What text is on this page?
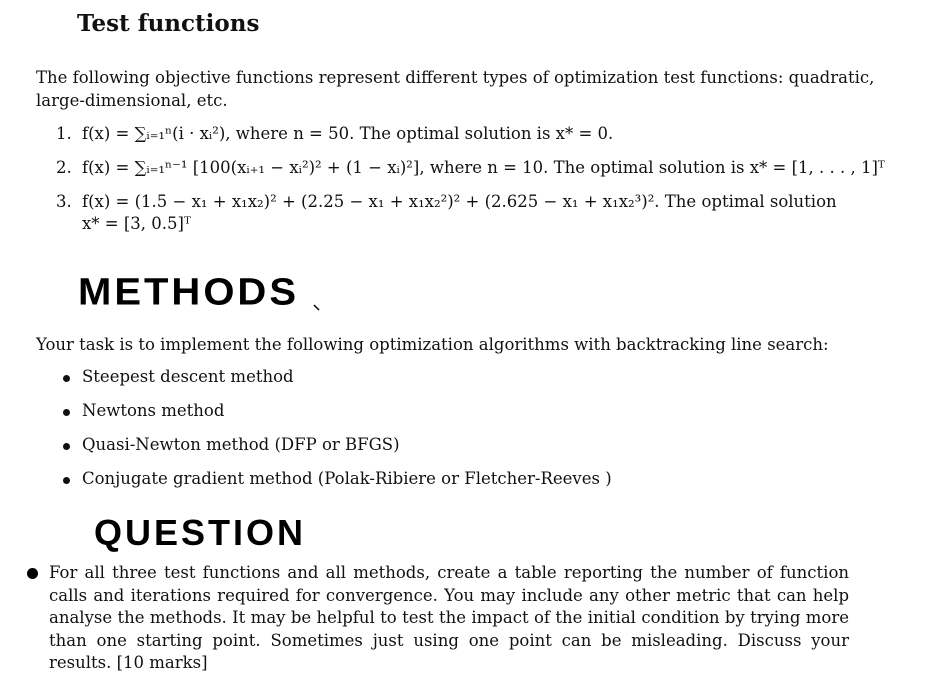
Test functions
The following objective functions represent different types of optimization test functions: quadratic,
large-dimensional, etc.
1. f(x) = ∑ᵢ₌₁ⁿ(i · xᵢ²), where n = 50. The optimal solution is x* = 0.
2. f(x) = ∑ᵢ₌₁ⁿ⁻¹ [100(xᵢ₊₁ − xᵢ²)² + (1 − xᵢ)²], where n = 10. The optimal solution is x* = [1, . . . , 1]ᵀ
3. f(x) = (1.5 − x₁ + x₁x₂)² + (2.25 − x₁ + x₁x₂²)² + (2.625 − x₁ + x₁x₂³)². The optimal solution
x* = [3, 0.5]ᵀ
METHODS
Your task is to implement the following optimization algorithms with backtracking line search:
Steepest descent method
Newtons method
Quasi-Newton method (DFP or BFGS)
Conjugate gradient method (Polak-Ribiere or Fletcher-Reeves )
QUESTION
For all three test functions and all methods, create a table reporting the number of function calls and iterations required for convergence. You may include any other metric that can help analyse the methods. It may be helpful to test the impact of the initial condition by trying more than one starting point. Sometimes just using one point can be misleading. Discuss your results. [10 marks]
